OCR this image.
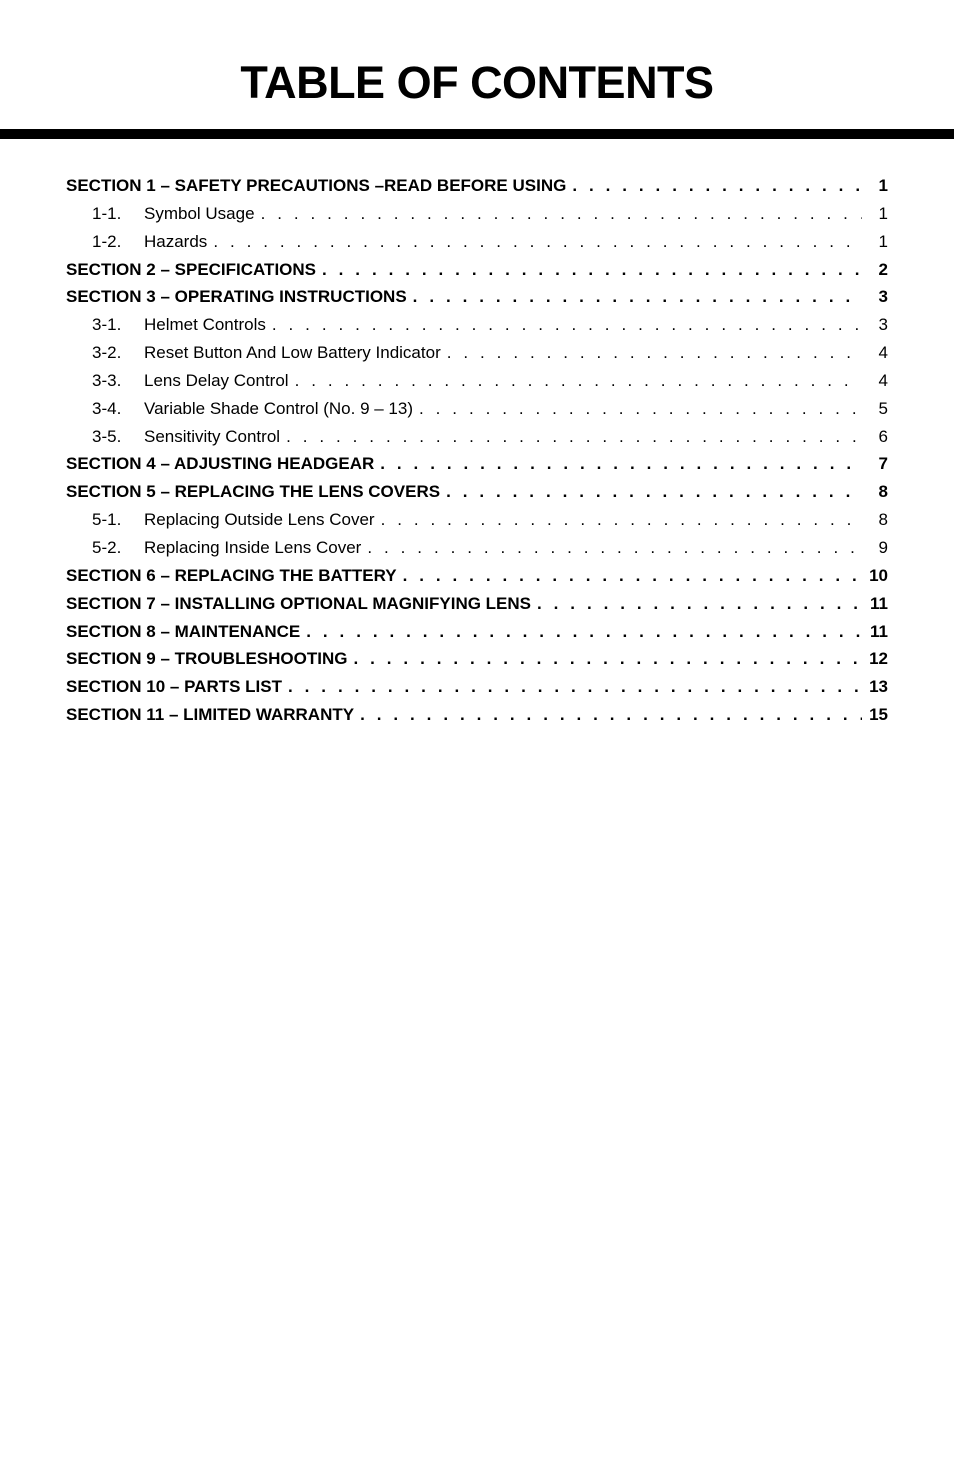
TABLE OF CONTENTS
SECTION 1 – SAFETY PRECAUTIONS –READ BEFORE USING . . .	1
1-1.	Symbol Usage . . .	1
1-2.	Hazards . . .	1
SECTION 2 – SPECIFICATIONS . . .	2
SECTION 3 – OPERATING INSTRUCTIONS . . .	3
3-1.	Helmet Controls . . .	3
3-2.	Reset Button And Low Battery Indicator . . .	4
3-3.	Lens Delay Control . . .	4
3-4.	Variable Shade Control (No. 9 – 13) . . .	5
3-5.	Sensitivity Control . . .	6
SECTION 4 – ADJUSTING HEADGEAR . . .	7
SECTION 5 – REPLACING THE LENS COVERS . . .	8
5-1.	Replacing Outside Lens Cover . . .	8
5-2.	Replacing Inside Lens Cover . . .	9
SECTION 6 – REPLACING THE BATTERY . . .	10
SECTION 7 – INSTALLING OPTIONAL MAGNIFYING LENS . . .	11
SECTION 8 – MAINTENANCE . . .	11
SECTION 9 – TROUBLESHOOTING . . .	12
SECTION 10 – PARTS LIST . . .	13
SECTION 11 – LIMITED WARRANTY . . .	15
